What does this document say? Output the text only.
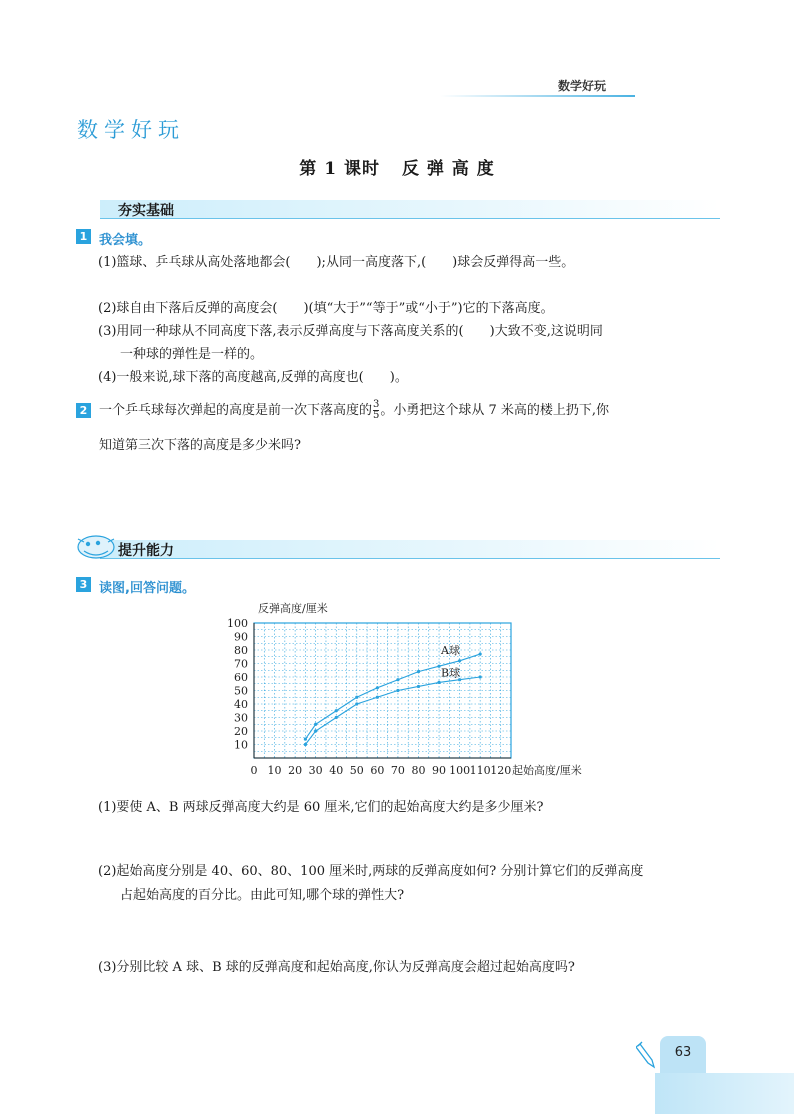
数学好玩
数学好玩
第 1 课时 反 弹 高 度
夯实基础
1 我会填。
(1)篮球、乒乓球从高处落地都会(　　);从同一高度落下,(　　)球会反弹得高一些。
(2)球自由下落后反弹的高度会(　　)(填“大于”“等于”或“小于”)它的下落高度。
(3)用同一种球从不同高度下落,表示反弹高度与下落高度关系的(　　)大致不变,这说明同
一种球的弹性是一样的。
(4)一般来说,球下落的高度越高,反弹的高度也(　　)。
2 一个乒乓球每次弹起的高度是前一次下落高度的 $\frac{3}{5}$ 。小勇把这个球从 7 米高的楼上扔下,你
知道第三次下落的高度是多少米吗?
提升能力
3 读图,回答问题。
10
20
30
40
50
60
70
80
90
100
0 10 20 30 40 50 60 70 80 90 100 110 120
A球
B球
反弹高度/厘米
起始高度/厘米
(1)要使 A、B 两球反弹高度大约是 60 厘米,它们的起始高度大约是多少厘米?
(2)起始高度分别是 40、60、80、100 厘米时,两球的反弹高度如何? 分别计算它们的反弹高度
占起始高度的百分比。由此可知,哪个球的弹性大?
(3)分别比较 A 球、B 球的反弹高度和起始高度,你认为反弹高度会超过起始高度吗?
63
